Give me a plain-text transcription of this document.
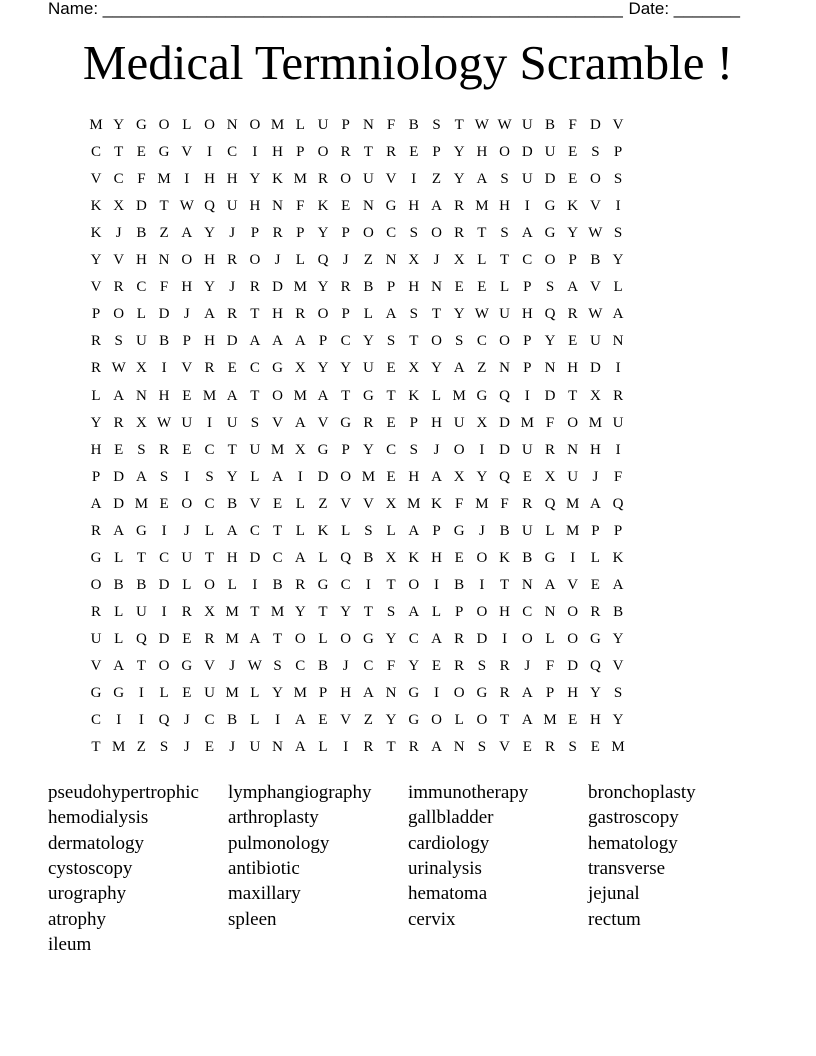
Name: _______________________________________________________ Date: _______
Medical Termniology Scramble !
M Y G O L O N O M L U P N F B S T W W U B F D V
C T E G V I	C	I H P O R T R E P Y H O D U E S P
V C F M I H H Y K M R O U V I	Z Y A S U D E O S
K X D T W Q U H N F K E N G H A R M H I G K V I
K J B Z A Y J	P R P Y P O C S O R T S A G Y W S
Y V H N O H R O J	L Q J	Z N X J X L T C O P B Y
V R C F H Y J R D M Y R B P H N E E L P S A V L
P O L D J A R T H R O P L A S T Y W U H Q R W A
R S U B P H D A A A P C Y S T O S C O P Y E U N
R W X I V R E C G X Y Y U E X Y A Z N P N H D I
L A N H E M A T O M A T G T K L M G Q I D T X R
Y R X W U I U S V A V G R E P H U X D M F O M U
H E S R E C T U M X G P Y C S	J O I D U R N H I
P D A S	I	S Y L A I D O M E H A X Y Q E X U J	F
A D M E O C B V E L Z V V X M K F M F R Q M A Q
R A G I	J	L A C T L K L S L A P G J B U L M P P
G L T C U T H D C A L Q B X K H E O K B G I	L K
O B B D L O L	I	B R G C	I	T O I	B	I	T N A V E A
R L U I	R X M T M Y T Y T S A L P O H C N O R B
U L Q D E R M A T O L O G Y C A R D I O L O G Y
V A T O G V J W S C B J C F Y E R S R J	F D Q V
G G I	L E U M L Y M P H A N G I O G R A P H Y S
C	I	I Q J C B L	I A E V Z Y G O L O T A M E H Y
T M Z S	J	E	J U N A L	I	R T R A N S V E R S E M
pseudohypertrophic lymphangiography immunotherapy	bronchoplasty
hemodialysis	arthroplasty	gallbladder	gastroscopy
dermatology	pulmonology	cardiology	hematology
cystoscopy	antibiotic	urinalysis	transverse
urography	maxillary	hematoma	jejunal
atrophy	spleen	cervix	rectum
ileum
